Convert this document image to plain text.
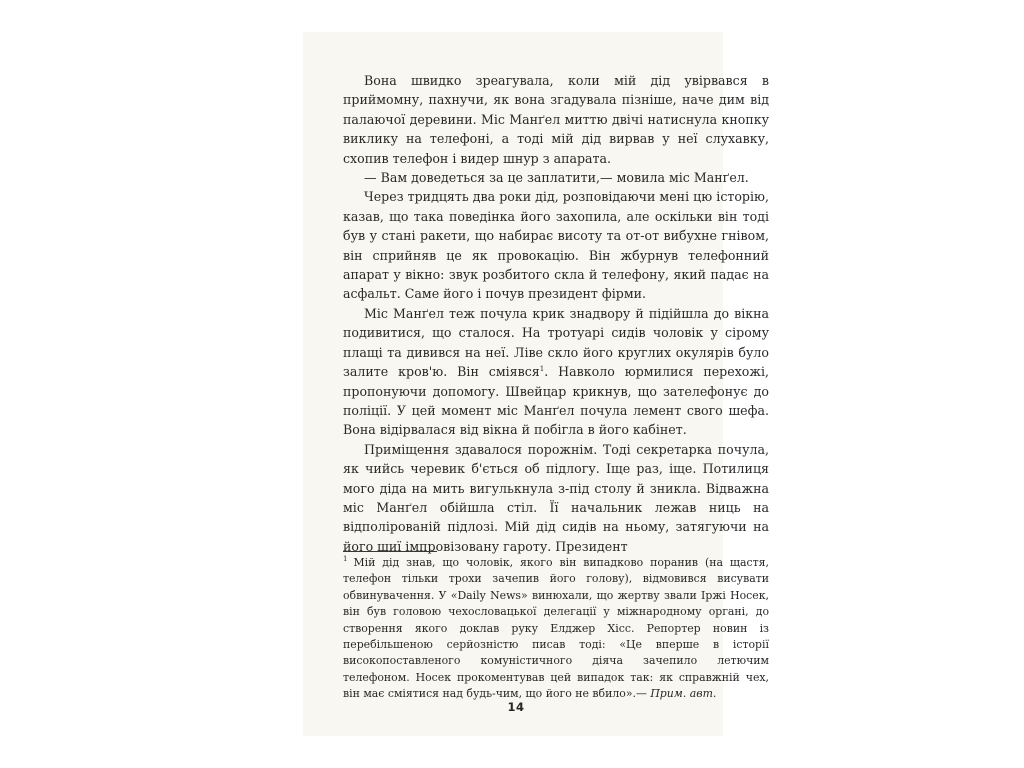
Вона швидко зреагувала, коли мій дід увірвався в приймомну, пахнучи, як вона згадувала пізніше, наче дим від палаючої деревини. Міс Манґел миттю двічі натиснула кнопку виклику на телефоні, а тоді мій дід вирвав у неї слухавку, схопив телефон і видер шнур з апарата.

— Вам доведеться за це заплатити,— мовила міс Манґел.

Через тридцять два роки дід, розповідаючи мені цю історію, казав, що така поведінка його захопила, але оскільки він тоді був у стані ракети, що набирає висоту та от-от вибухне гнівом, він сприйняв це як провокацію. Він жбурнув телефонний апарат у вікно: звук розбитого скла й телефону, який падає на асфальт. Саме його і почув президент фірми.

Міс Манґел теж почула крик знадвору й підійшла до вікна подивитися, що сталося. На тротуарі сидів чоловік у сірому плащі та дивився на неї. Ліве скло його круглих окулярів було залите кров'ю. Він сміявся$^1$. Навколо юрмилися перехожі, пропонуючи допомогу. Швейцар крикнув, що зателефонує до поліції. У цей момент міс Манґел почула лемент свого шефа. Вона відірвалася від вікна й побігла в його кабінет.

Приміщення здавалося порожнім. Тоді секретарка почула, як чийсь черевик б'ється об підлогу. Іще раз, іще. Потилиця мого діда на мить вигулькнула з-під столу й зникла. Відважна міс Манґел обійшла стіл. Її начальник лежав ниць на відполірованій підлозі. Мій дід сидів на ньому, затягуючи на його шиї імпровізовану гароту. Президент

$^1$ Мій дід знав, що чоловік, якого він випадково поранив (на щастя, телефон тільки трохи зачепив його голову), відмовився висувати обвинувачення. У «Daily News» винюхали, що жертву звали Іржі Носек, він був головою чехословацької делегації у міжнародному органі, до створення якого доклав руку Елджер Хісс. Репортер новин із перебільшеною серйозністю писав тоді: «Це вперше в історії високопоставленого комуністичного діяча зачепило летючим телефоном. Носек прокоментував цей випадок так: як справжній чех, він має сміятися над будь-чим, що його не вбило».— Прим. авт.
14
